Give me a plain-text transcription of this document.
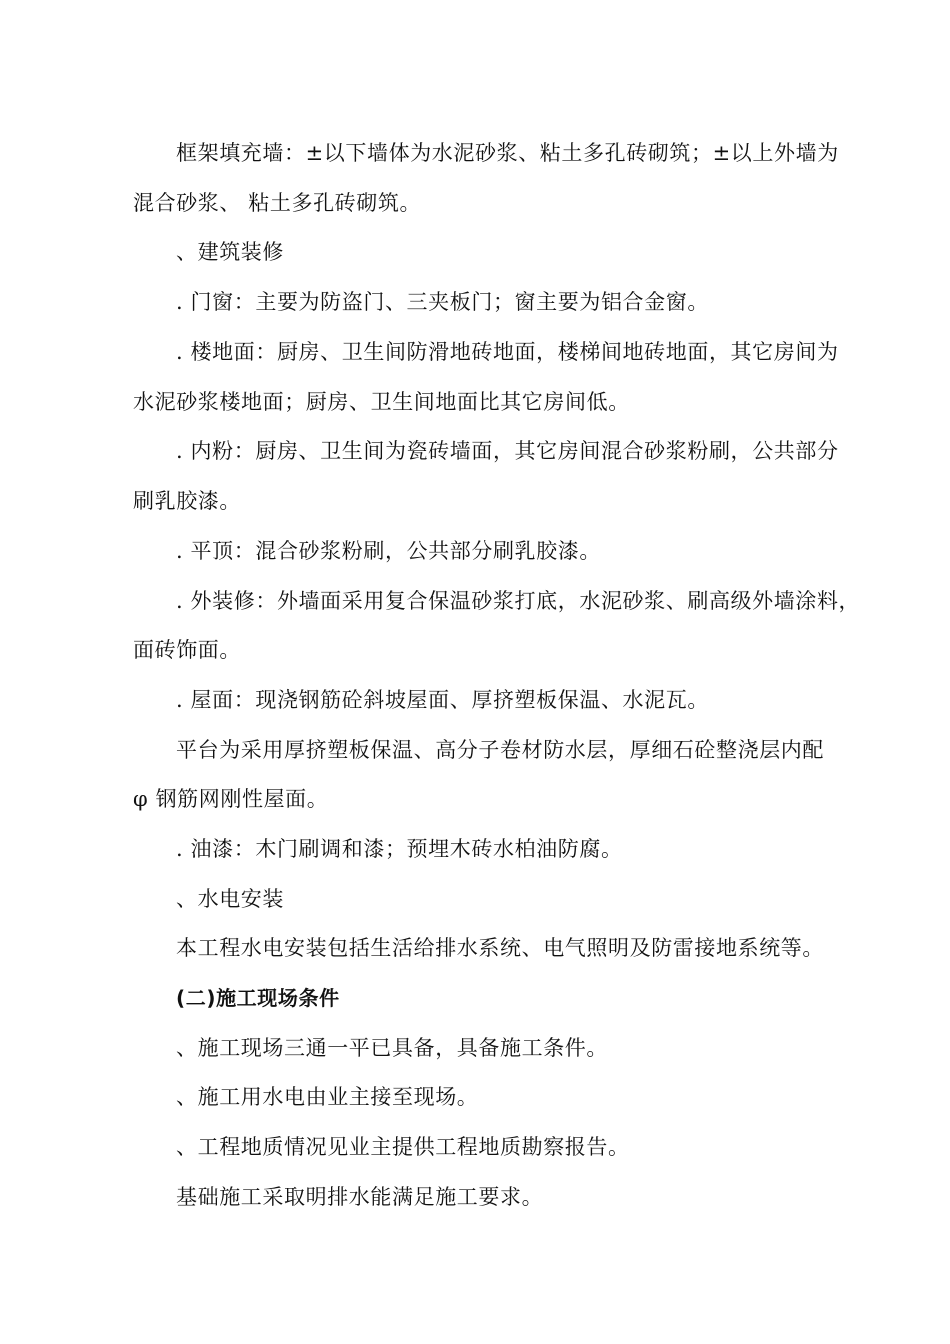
框架填充墙：±以下墙体为水泥砂浆、粘土多孔砖砌筑；±以上外墙为
混合砂浆、 粘土多孔砖砌筑。
、建筑装修
. 门窗：主要为防盗门、三夹板门；窗主要为铝合金窗。
. 楼地面：厨房、卫生间防滑地砖地面，楼梯间地砖地面，其它房间为
水泥砂浆楼地面；厨房、卫生间地面比其它房间低。
. 内粉：厨房、卫生间为瓷砖墙面，其它房间混合砂浆粉刷，公共部分
刷乳胶漆。
. 平顶：混合砂浆粉刷，公共部分刷乳胶漆。
. 外装修：外墙面采用复合保温砂浆打底，水泥砂浆、刷高级外墙涂料，
面砖饰面。
. 屋面：现浇钢筋砼斜坡屋面、厚挤塑板保温、水泥瓦。
平台为采用厚挤塑板保温、高分子卷材防水层，厚细石砼整浇层内配
φ 钢筋网刚性屋面。
. 油漆：木门刷调和漆；预埋木砖水柏油防腐。
、水电安装
本工程水电安装包括生活给排水系统、电气照明及防雷接地系统等。
(二)施工现场条件
、施工现场三通一平已具备，具备施工条件。
、施工用水电由业主接至现场。
、工程地质情况见业主提供工程地质勘察报告。
基础施工采取明排水能满足施工要求。
